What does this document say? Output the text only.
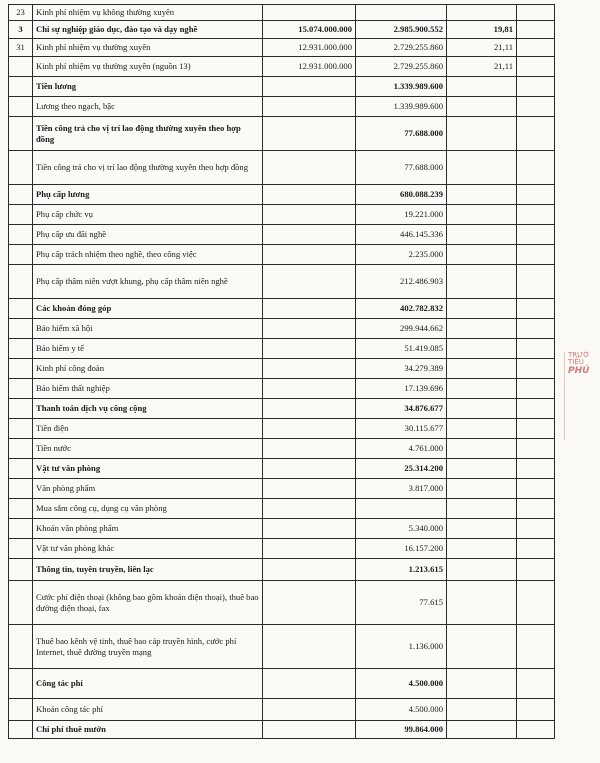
23	Kinh phí nhiệm vụ không thường xuyên				
3	Chi sự nghiệp giáo dục, đào tạo và dạy nghề	15.074.000.000	2.985.900.552	19,81	
31	Kinh phí nhiệm vụ thường xuyên	12.931.000.000	2.729.255.860	21,11	
	Kinh phí nhiệm vụ thường xuyên (nguồn 13)	12.931.000.000	2.729.255.860	21,11	
	Tiền lương		1.339.989.600		
	Lương theo ngạch, bậc		1.339.989.600		
	Tiền công trả cho vị trí lao động thường xuyên theo hợp đồng		77.688.000		
	Tiền công trả cho vị trí lao động thường xuyên theo hợp đồng		77.688.000		
	Phụ cấp lương		680.088.239		
	Phụ cấp chức vụ		19.221.000		
	Phụ cấp ưu đãi nghề		446.145.336		
	Phụ cấp trách nhiệm theo nghề, theo công việc		2.235.000		
	Phụ cấp thâm niên vượt khung, phụ cấp thâm niên nghề		212.486.903		
	Các khoản đóng góp		402.782.832		
	Bảo hiểm xã hội		299.944.662		
	Bảo hiểm y tế		51.419.085		
	Kinh phí công đoàn		34.279.389		
	Bảo hiểm thất nghiệp		17.139.696		
	Thanh toán dịch vụ công cộng		34.876.677		
	Tiền điện		30.115.677		
	Tiền nước		4.761.000		
	Vật tư văn phòng		25.314.200		
	Văn phòng phẩm		3.817.000		
	Mua sắm công cụ, dụng cụ văn phòng				
	Khoán văn phòng phẩm		5.340.000		
	Vật tư văn phòng khác		16.157.200		
	Thông tin, tuyên truyền, liên lạc		1.213.615		
	Cước phí điện thoại (không bao gồm khoán điện thoại), thuê bao đường điện thoại, fax		77.615		
	Thuê bao kênh vệ tinh, thuê bao cáp truyền hình, cước phí Internet, thuê đường truyền mạng		1.136.000		
	Công tác phí		4.500.000		
	Khoán công tác phí		4.500.000		
	Chi phí thuê mướn		99.864.000		
TRƯỜ
TIỂU
PHÚ
